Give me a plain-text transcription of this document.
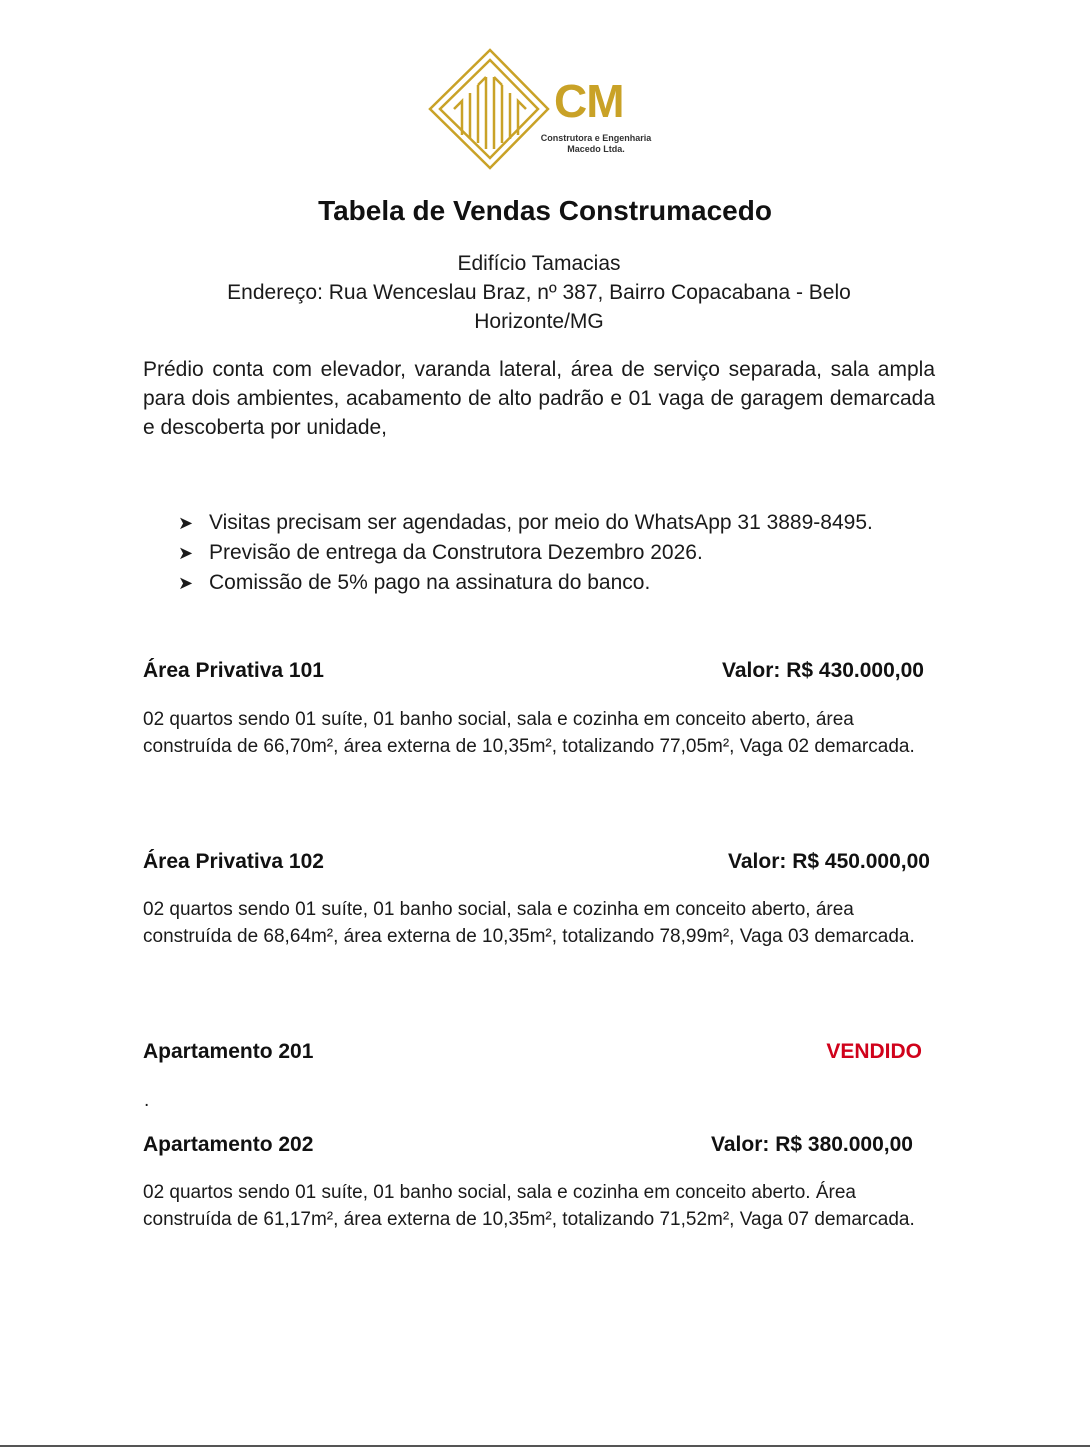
CM
Construtora e Engenharia
Macedo Ltda.
Tabela de Vendas Construmacedo
Edifício Tamacias
Endereço: Rua Wenceslau Braz, nº 387, Bairro Copacabana - Belo
Horizonte/MG
Prédio conta com elevador, varanda lateral, área de serviço separada, sala ampla para dois ambientes, acabamento de alto padrão e 01 vaga de garagem demarcada e descoberta por unidade,
➤ Visitas precisam ser agendadas, por meio do WhatsApp 31 3889-8495.
➤ Previsão de entrega da Construtora Dezembro 2026.
➤ Comissão de 5% pago na assinatura do banco.
Área Privativa 101	Valor: R$ 430.000,00
02 quartos sendo 01 suíte, 01 banho social, sala e cozinha em conceito aberto, área construída de 66,70m², área externa de 10,35m², totalizando 77,05m², Vaga 02 demarcada.
Área Privativa 102	Valor: R$ 450.000,00
02 quartos sendo 01 suíte, 01 banho social, sala e cozinha em conceito aberto, área construída de 68,64m², área externa de 10,35m², totalizando 78,99m², Vaga 03 demarcada.
Apartamento 201	VENDIDO
.
Apartamento 202	Valor: R$ 380.000,00
02 quartos sendo 01 suíte, 01 banho social, sala e cozinha em conceito aberto. Área construída de 61,17m², área externa de 10,35m², totalizando 71,52m², Vaga 07 demarcada.
